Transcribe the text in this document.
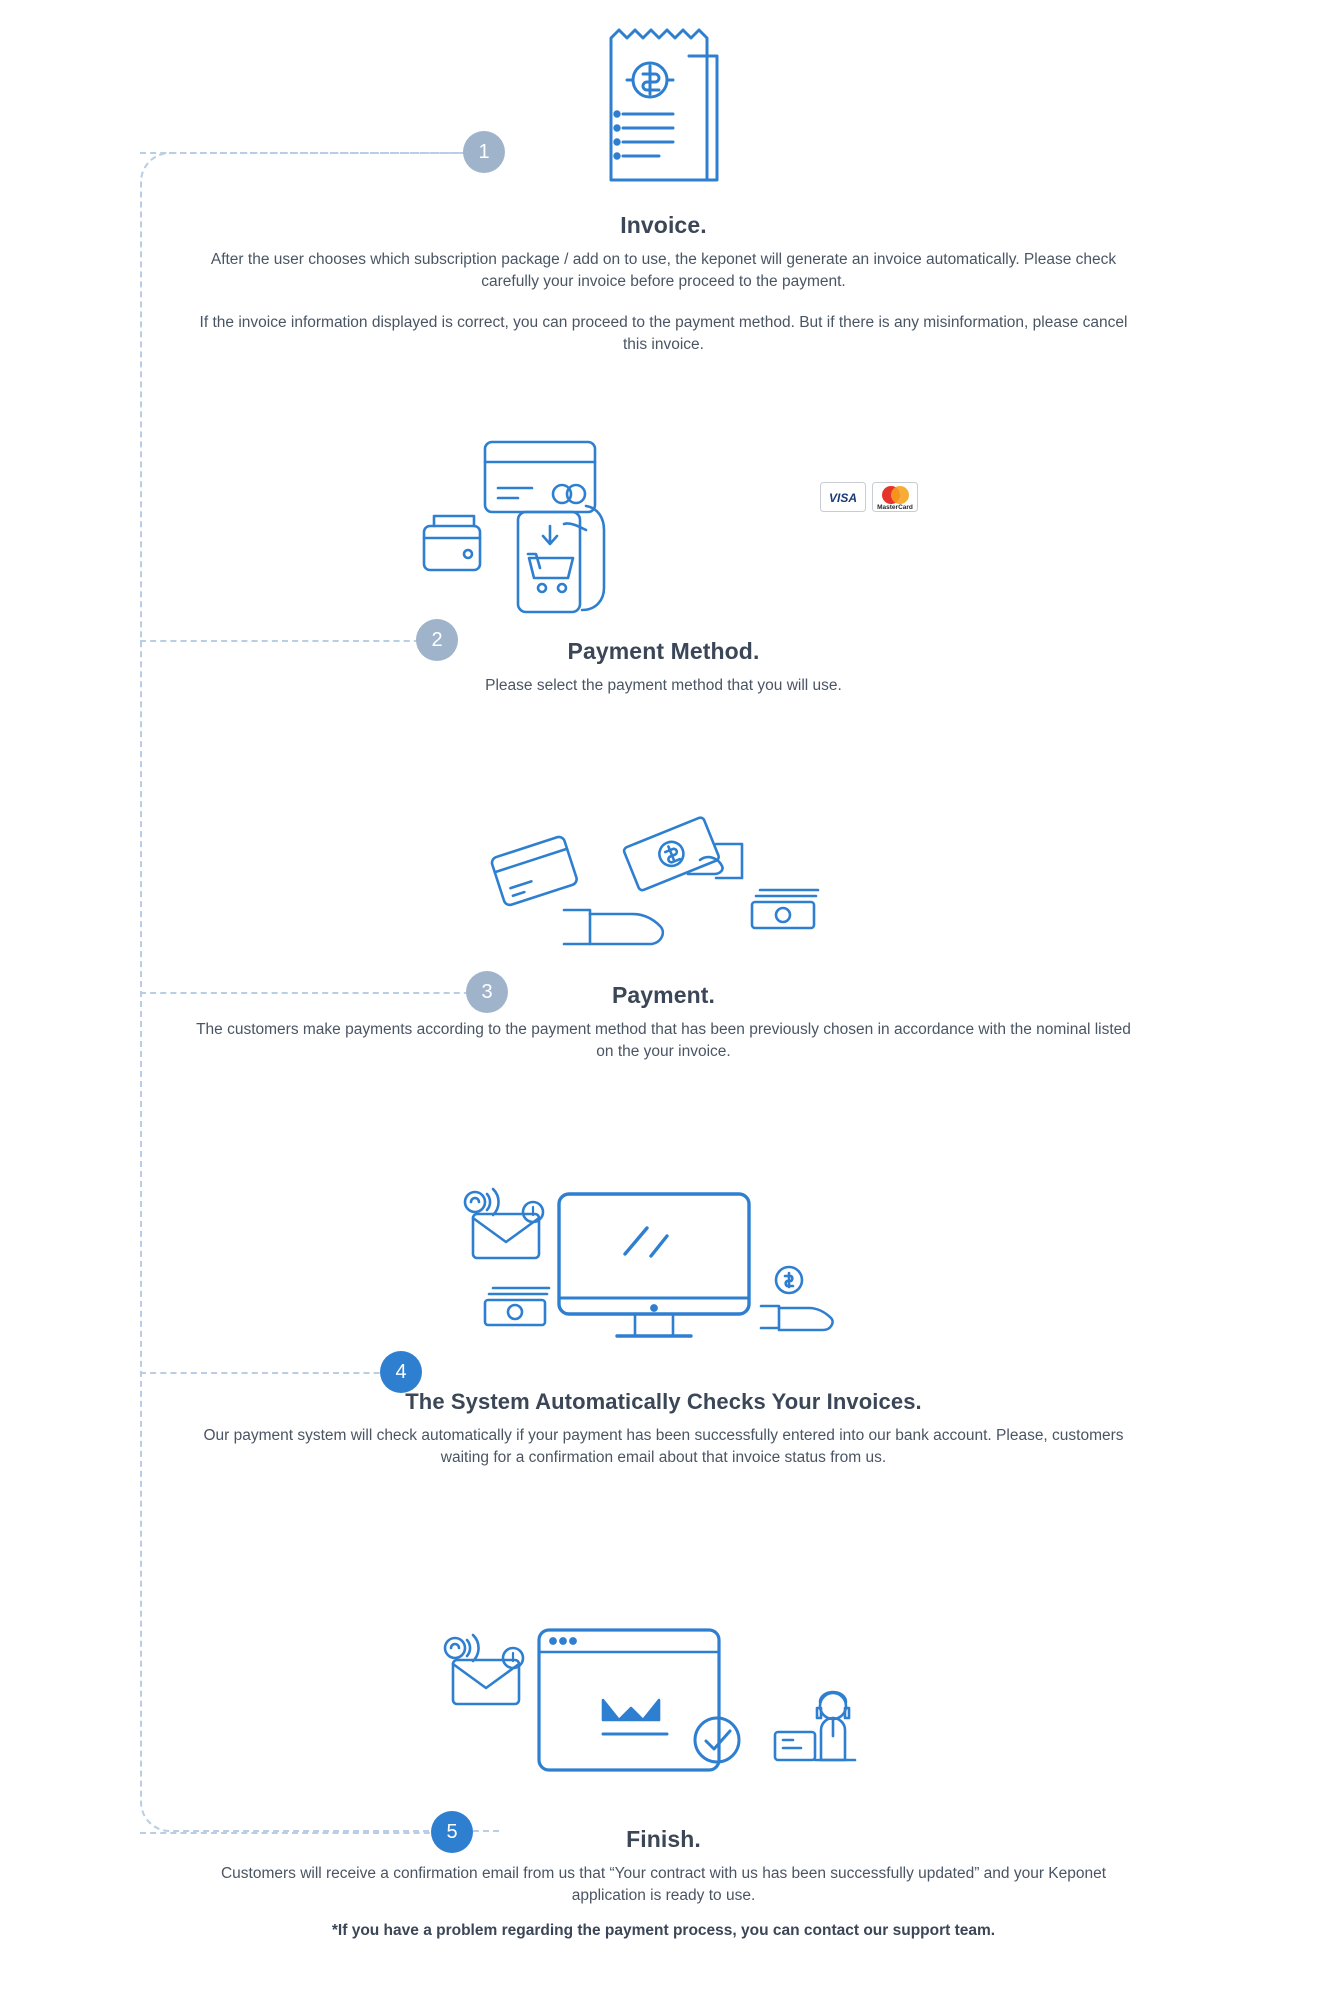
1
2
3
4
5
Invoice.
After the user chooses which subscription package / add on to use, the keponet will generate an invoice automatically. Please check carefully your invoice before proceed to the payment.
If the invoice information displayed is correct, you can proceed to the payment method. But if there is any misinformation, please cancel this invoice.
VISA
MasterCard
Payment Method.
Please select the payment method that you will use.
Payment.
The customers make payments according to the payment method that has been previously chosen in accordance with the nominal listed on the your invoice.
The System Automatically Checks Your Invoices.
Our payment system will check automatically if your payment has been successfully entered into our bank account. Please, customers waiting for a confirmation email about that invoice status from us.
Finish.
Customers will receive a confirmation email from us that “Your contract with us has been successfully updated” and your Keponet application is ready to use.
*If you have a problem regarding the payment process, you can contact our support team.
